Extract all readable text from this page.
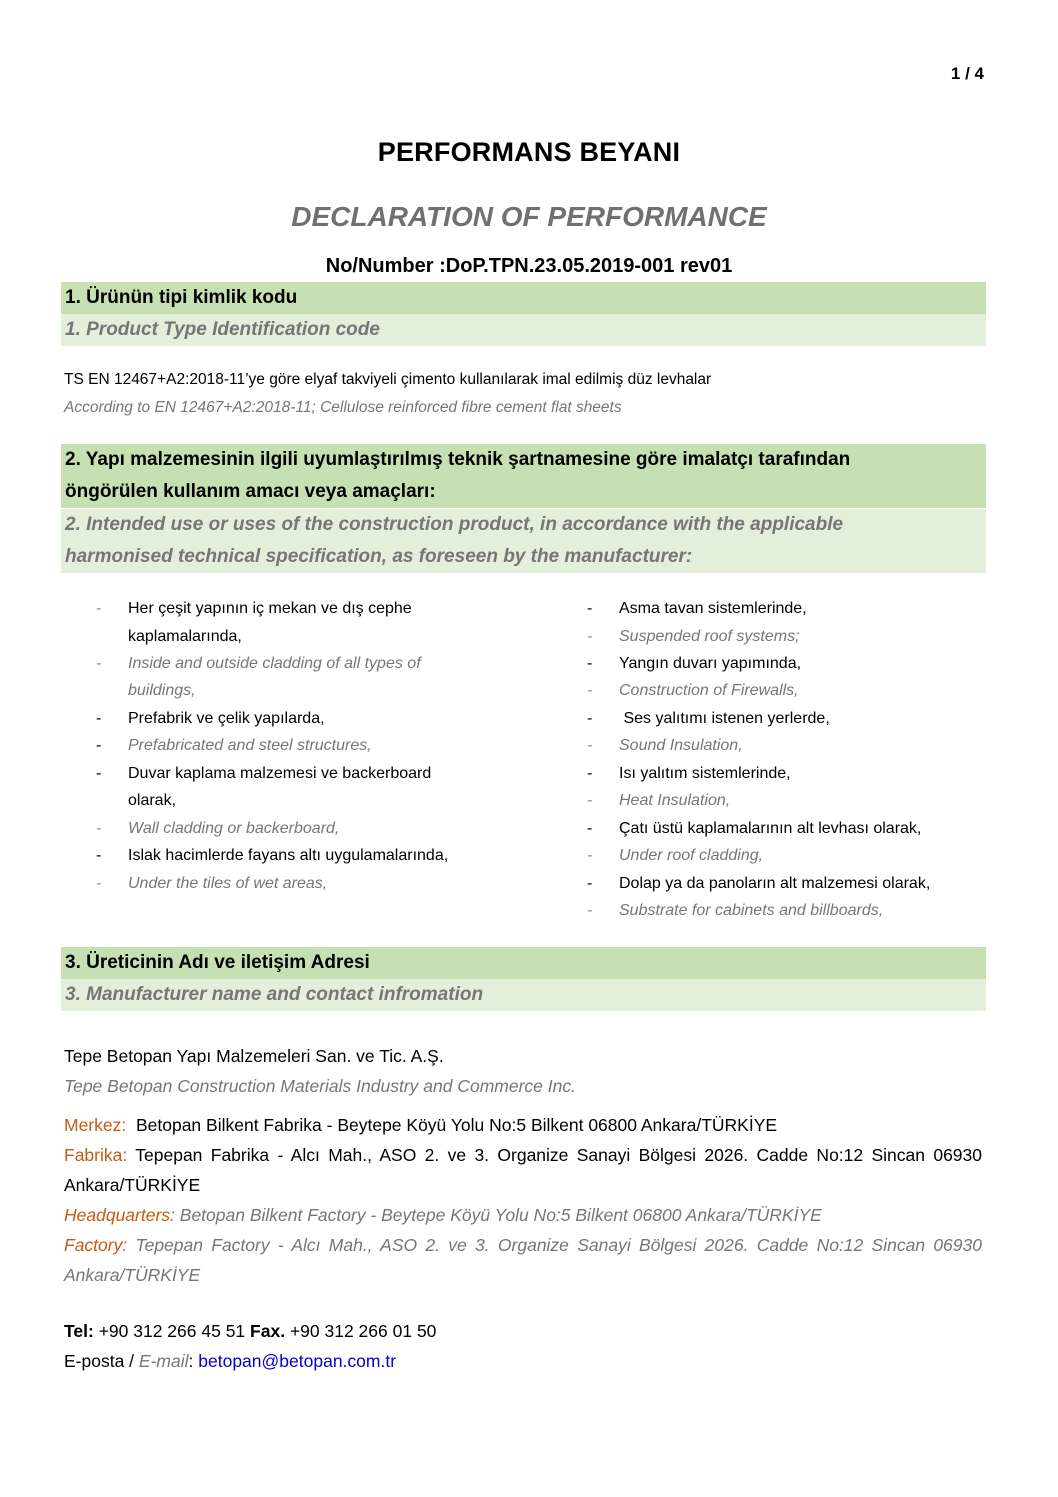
1 / 4
PERFORMANS BEYANI
DECLARATION OF PERFORMANCE
No/Number :DoP.TPN.23.05.2019-001 rev01
1. Ürünün tipi kimlik kodu
1. Product Type Identification code
TS EN 12467+A2:2018-11’ye göre elyaf takviyeli çimento kullanılarak imal edilmiş düz levhalar
According to EN 12467+A2:2018-11; Cellulose reinforced fibre cement flat sheets
2. Yapı malzemesinin ilgili uyumlaştırılmış teknik şartnamesine göre imalatçı tarafından
öngörülen kullanım amacı veya amaçları:
2. Intended use or uses of the construction product, in accordance with the applicable
harmonised technical specification, as foreseen by the manufacturer:
- Her çeşit yapının iç mekan ve dış cephe
kaplamalarında,
- Inside and outside cladding of all types of
buildings,
- Prefabrik ve çelik yapılarda,
- Prefabricated and steel structures,
- Duvar kaplama malzemesi ve backerboard
olarak,
- Wall cladding or backerboard,
- Islak hacimlerde fayans altı uygulamalarında,
- Under the tiles of wet areas,
- Asma tavan sistemlerinde,
- Suspended roof systems;
- Yangın duvarı yapımında,
- Construction of Firewalls,
- Ses yalıtımı istenen yerlerde,
- Sound Insulation,
- Isı yalıtım sistemlerinde,
- Heat Insulation,
- Çatı üstü kaplamalarının alt levhası olarak,
- Under roof cladding,
- Dolap ya da panoların alt malzemesi olarak,
- Substrate for cabinets and billboards,
3. Üreticinin Adı ve iletişim Adresi
3. Manufacturer name and contact infromation
Tepe Betopan Yapı Malzemeleri San. ve Tic. A.Ş.
Tepe Betopan Construction Materials Industry and Commerce Inc.
Merkez: Betopan Bilkent Fabrika - Beytepe Köyü Yolu No:5 Bilkent 06800 Ankara/TÜRKİYE
Fabrika: Tepepan Fabrika - Alcı Mah., ASO 2. ve 3. Organize Sanayi Bölgesi 2026. Cadde No:12 Sincan 06930 Ankara/TÜRKİYE
Headquarters: Betopan Bilkent Factory - Beytepe Köyü Yolu No:5 Bilkent 06800 Ankara/TÜRKİYE
Factory: Tepepan Factory - Alcı Mah., ASO 2. ve 3. Organize Sanayi Bölgesi 2026. Cadde No:12 Sincan 06930 Ankara/TÜRKİYE
Tel: +90 312 266 45 51 Fax. +90 312 266 01 50
E-posta / E-mail: betopan@betopan.com.tr
